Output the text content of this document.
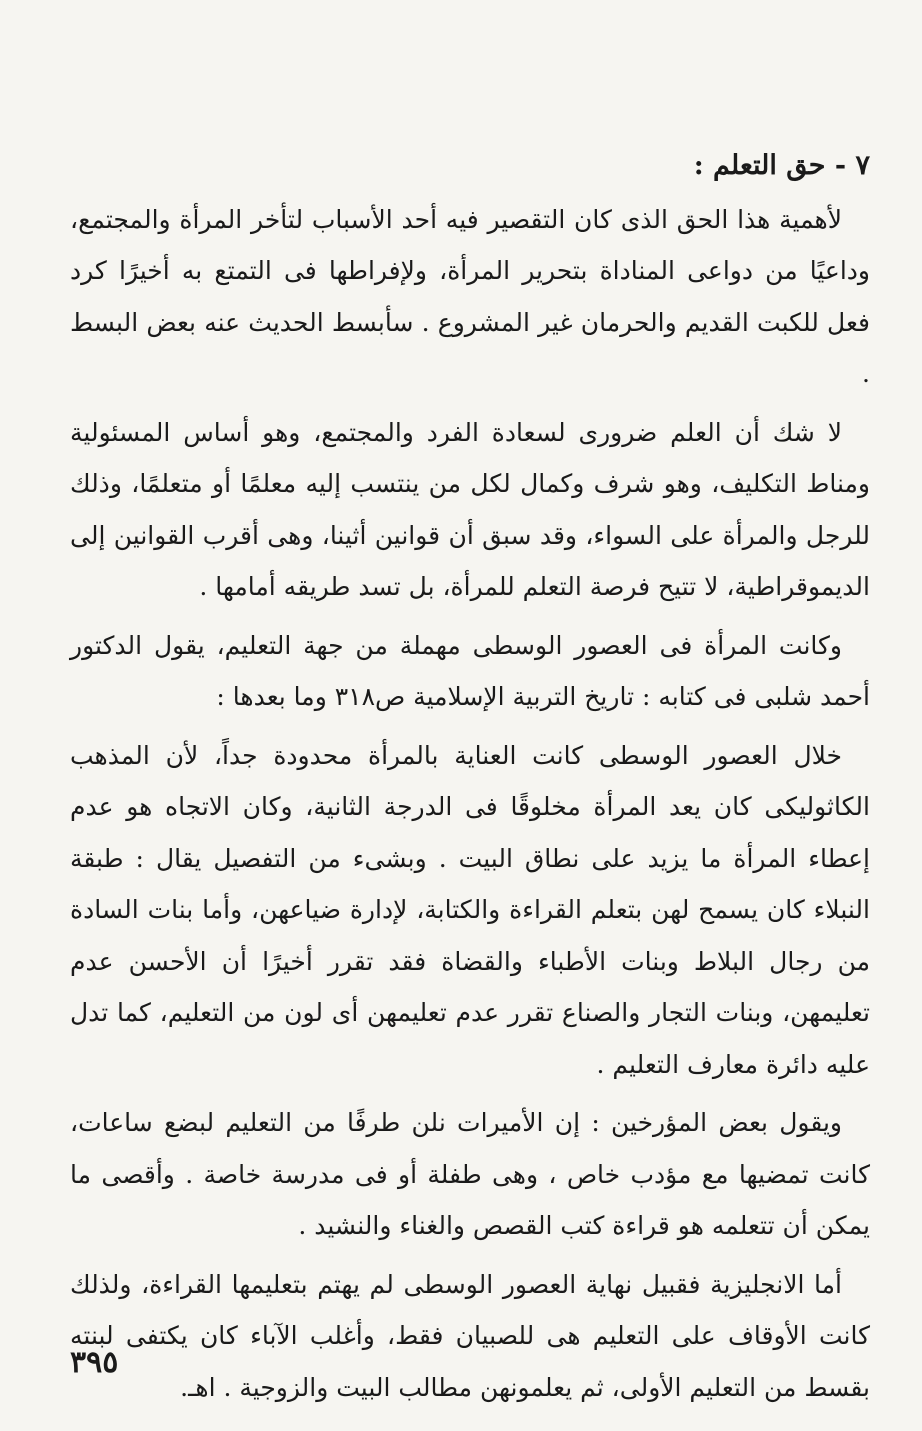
٧ - حق التعلم :

لأهمية هذا الحق الذى كان التقصير فيه أحد الأسباب لتأخر المرأة والمجتمع، وداعيًا من دواعى المناداة بتحرير المرأة، ولإفراطها فى التمتع به أخيرًا كرد فعل للكبت القديم والحرمان غير المشروع . سأبسط الحديث عنه بعض البسط .

لا شك أن العلم ضرورى لسعادة الفرد والمجتمع، وهو أساس المسئولية ومناط التكليف، وهو شرف وكمال لكل من ينتسب إليه معلمًا أو متعلمًا، وذلك للرجل والمرأة على السواء، وقد سبق أن قوانين أثينا، وهى أقرب القوانين إلى الديموقراطية، لا تتيح فرصة التعلم للمرأة، بل تسد طريقه أمامها .

وكانت المرأة فى العصور الوسطى مهملة من جهة التعليم، يقول الدكتور أحمد شلبى فى كتابه : تاريخ التربية الإسلامية ص٣١٨ وما بعدها :

خلال العصور الوسطى كانت العناية بالمرأة محدودة جداً، لأن المذهب الكاثوليكى كان يعد المرأة مخلوقًا فى الدرجة الثانية، وكان الاتجاه هو عدم إعطاء المرأة ما يزيد على نطاق البيت . وبشىء من التفصيل يقال : طبقة النبلاء كان يسمح لهن بتعلم القراءة والكتابة، لإدارة ضياعهن، وأما بنات السادة من رجال البلاط وبنات الأطباء والقضاة فقد تقرر أخيرًا أن الأحسن عدم تعليمهن، وبنات التجار والصناع تقرر عدم تعليمهن أى لون من التعليم، كما تدل عليه دائرة معارف التعليم .

ويقول بعض المؤرخين : إن الأميرات نلن طرفًا من التعليم لبضع ساعات، كانت تمضيها مع مؤدب خاص ، وهى طفلة أو فى مدرسة خاصة . وأقصى ما يمكن أن تتعلمه هو قراءة كتب القصص والغناء والنشيد .

أما الانجليزية فقبيل نهاية العصور الوسطى لم يهتم بتعليمها القراءة، ولذلك كانت الأوقاف على التعليم هى للصبيان فقط، وأغلب الآباء كان يكتفى لبنته بقسط من التعليم الأولى، ثم يعلمونهن مطالب البيت والزوجية . اهـ.

٣٩٥
